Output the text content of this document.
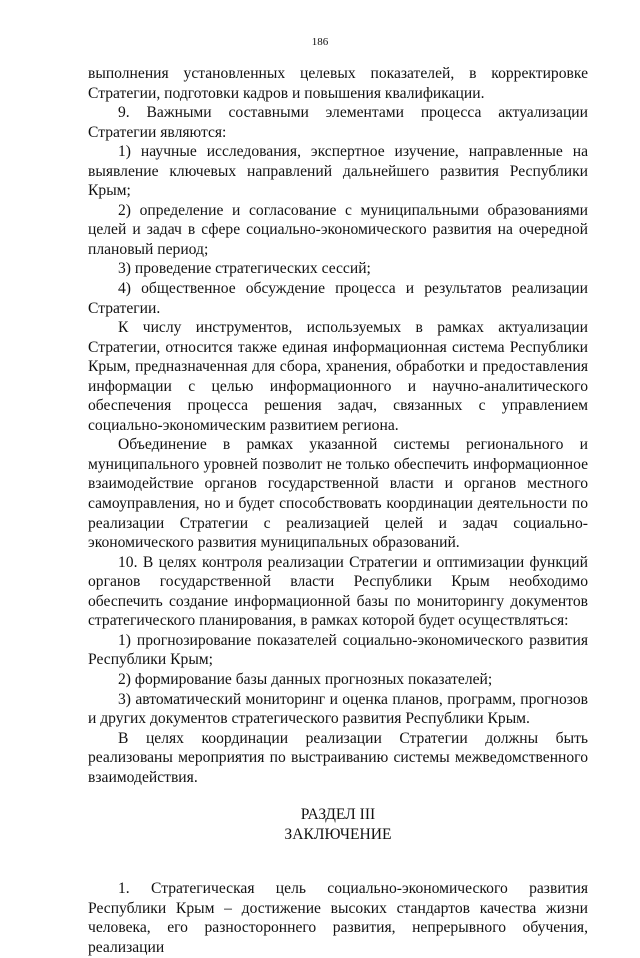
186

выполнения установленных целевых показателей, в корректировке Стратегии, подготовки кадров и повышения квалификации.

9. Важными составными элементами процесса актуализации Стратегии являются:

1) научные исследования, экспертное изучение, направленные на выявление ключевых направлений дальнейшего развития Республики Крым;

2) определение и согласование с муниципальными образованиями целей и задач в сфере социально-экономического развития на очередной плановый период;

3) проведение стратегических сессий;

4) общественное обсуждение процесса и результатов реализации Стратегии.

К числу инструментов, используемых в рамках актуализации Стратегии, относится также единая информационная система Республики Крым, предназначенная для сбора, хранения, обработки и предоставления информации с целью информационного и научно-аналитического обеспечения процесса решения задач, связанных с управлением социально-экономическим развитием региона.

Объединение в рамках указанной системы регионального и муниципального уровней позволит не только обеспечить информационное взаимодействие органов государственной власти и органов местного самоуправления, но и будет способствовать координации деятельности по реализации Стратегии с реализацией целей и задач социально-экономического развития муниципальных образований.

10. В целях контроля реализации Стратегии и оптимизации функций органов государственной власти Республики Крым необходимо обеспечить создание информационной базы по мониторингу документов стратегического планирования, в рамках которой будет осуществляться:

1) прогнозирование показателей социально-экономического развития Республики Крым;

2) формирование базы данных прогнозных показателей;

3) автоматический мониторинг и оценка планов, программ, прогнозов и других документов стратегического развития Республики Крым.

В целях координации реализации Стратегии должны быть реализованы мероприятия по выстраиванию системы межведомственного взаимодействия.

РАЗДЕЛ III

ЗАКЛЮЧЕНИЕ

1. Стратегическая цель социально-экономического развития Республики Крым – достижение высоких стандартов качества жизни человека, его разностороннего развития, непрерывного обучения, реализации
